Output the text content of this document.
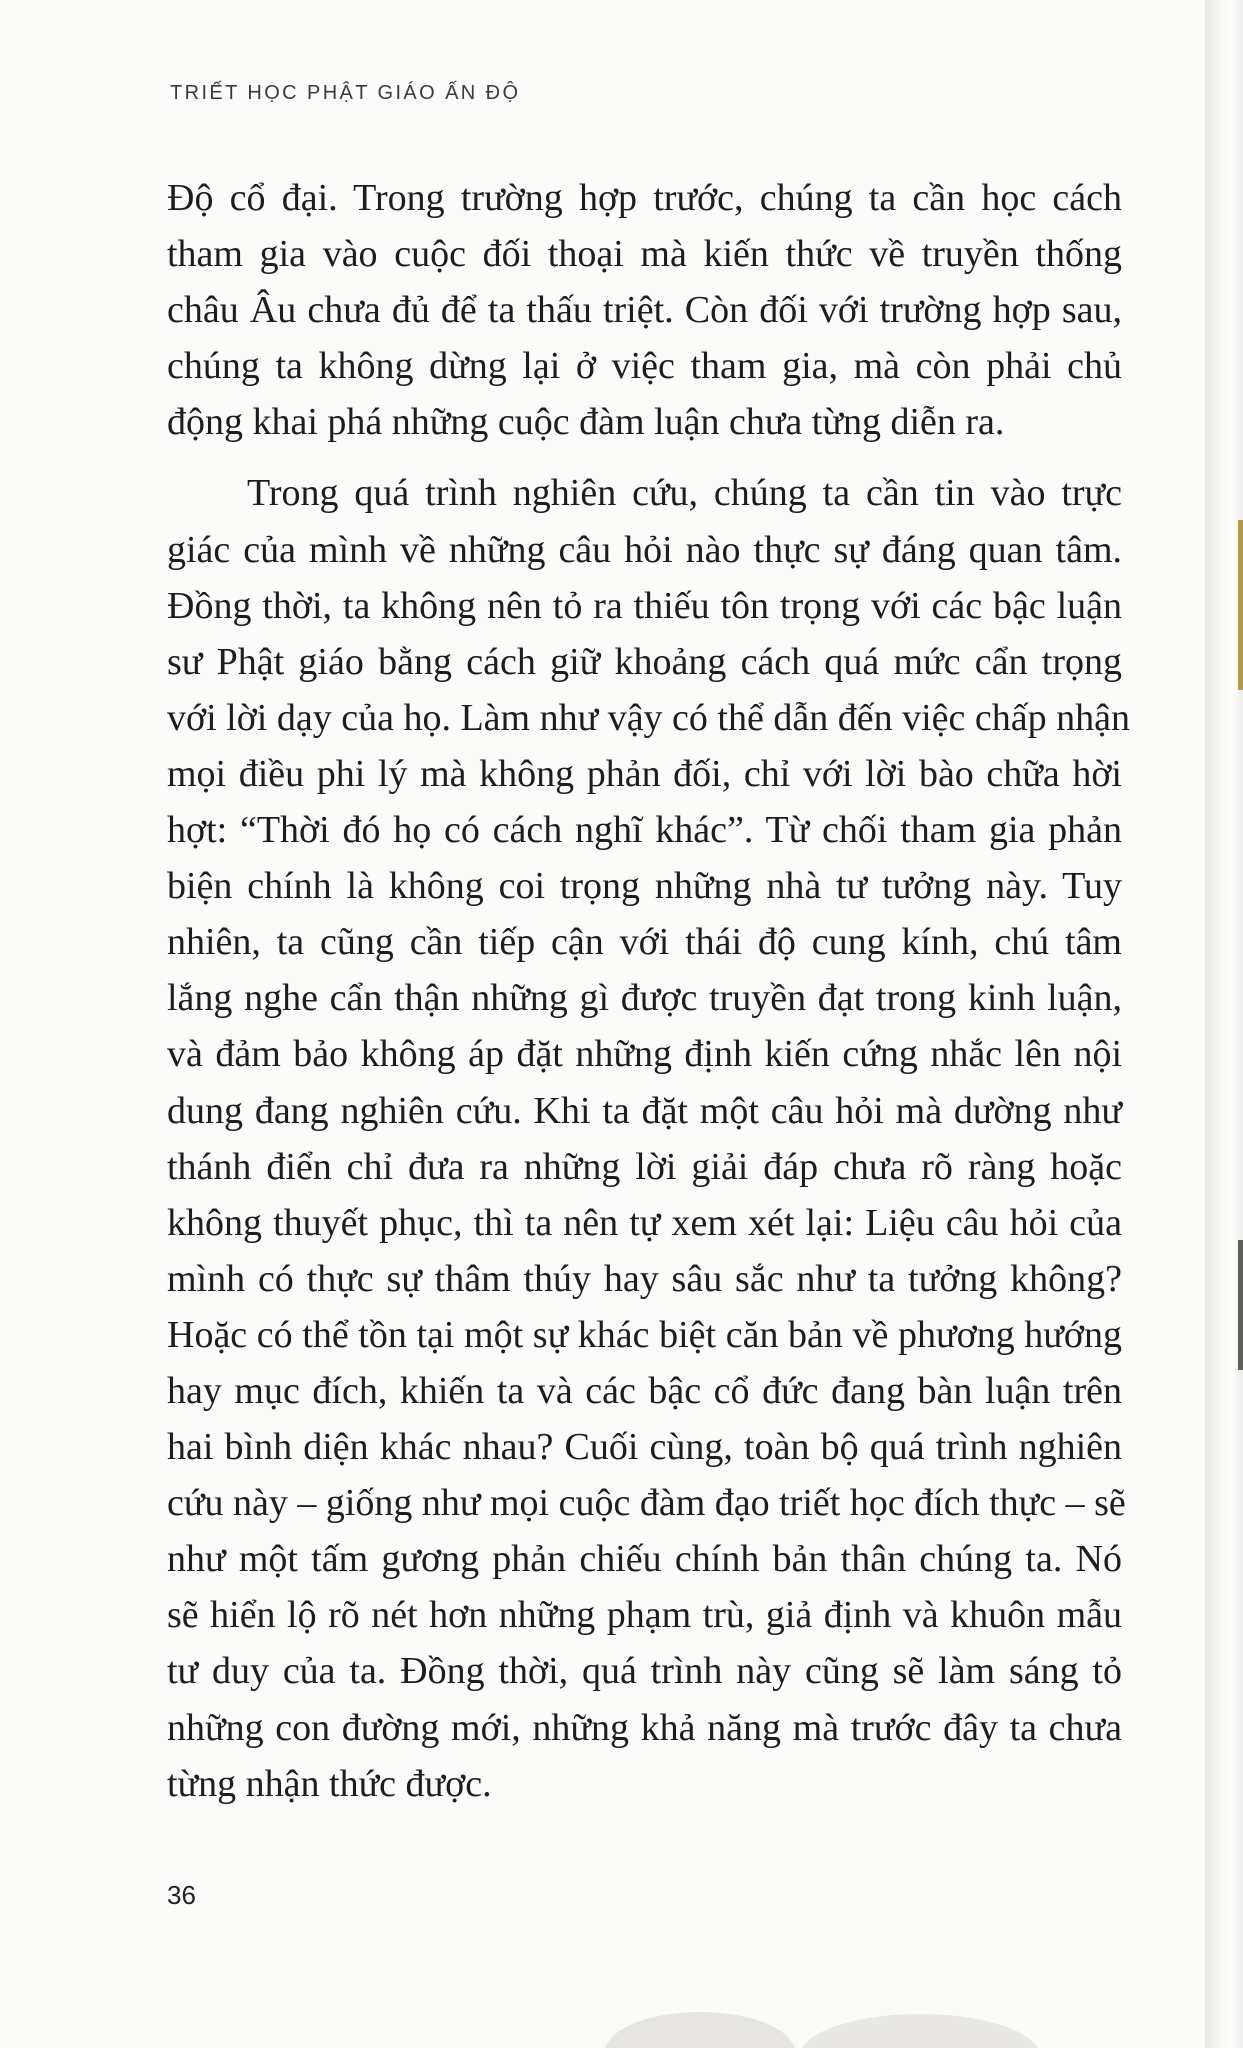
TRIẾT HỌC PHẬT GIÁO ẤN ĐỘ

Độ cổ đại. Trong trường hợp trước, chúng ta cần học cách
tham gia vào cuộc đối thoại mà kiến thức về truyền thống
châu Âu chưa đủ để ta thấu triệt. Còn đối với trường hợp sau,
chúng ta không dừng lại ở việc tham gia, mà còn phải chủ
động khai phá những cuộc đàm luận chưa từng diễn ra.

Trong quá trình nghiên cứu, chúng ta cần tin vào trực
giác của mình về những câu hỏi nào thực sự đáng quan tâm.
Đồng thời, ta không nên tỏ ra thiếu tôn trọng với các bậc luận
sư Phật giáo bằng cách giữ khoảng cách quá mức cẩn trọng
với lời dạy của họ. Làm như vậy có thể dẫn đến việc chấp nhận
mọi điều phi lý mà không phản đối, chỉ với lời bào chữa hời
hợt: “Thời đó họ có cách nghĩ khác”. Từ chối tham gia phản
biện chính là không coi trọng những nhà tư tưởng này. Tuy
nhiên, ta cũng cần tiếp cận với thái độ cung kính, chú tâm
lắng nghe cẩn thận những gì được truyền đạt trong kinh luận,
và đảm bảo không áp đặt những định kiến cứng nhắc lên nội
dung đang nghiên cứu. Khi ta đặt một câu hỏi mà dường như
thánh điển chỉ đưa ra những lời giải đáp chưa rõ ràng hoặc
không thuyết phục, thì ta nên tự xem xét lại: Liệu câu hỏi của
mình có thực sự thâm thúy hay sâu sắc như ta tưởng không?
Hoặc có thể tồn tại một sự khác biệt căn bản về phương hướng
hay mục đích, khiến ta và các bậc cổ đức đang bàn luận trên
hai bình diện khác nhau? Cuối cùng, toàn bộ quá trình nghiên
cứu này – giống như mọi cuộc đàm đạo triết học đích thực – sẽ
như một tấm gương phản chiếu chính bản thân chúng ta. Nó
sẽ hiển lộ rõ nét hơn những phạm trù, giả định và khuôn mẫu
tư duy của ta. Đồng thời, quá trình này cũng sẽ làm sáng tỏ
những con đường mới, những khả năng mà trước đây ta chưa
từng nhận thức được.

36
